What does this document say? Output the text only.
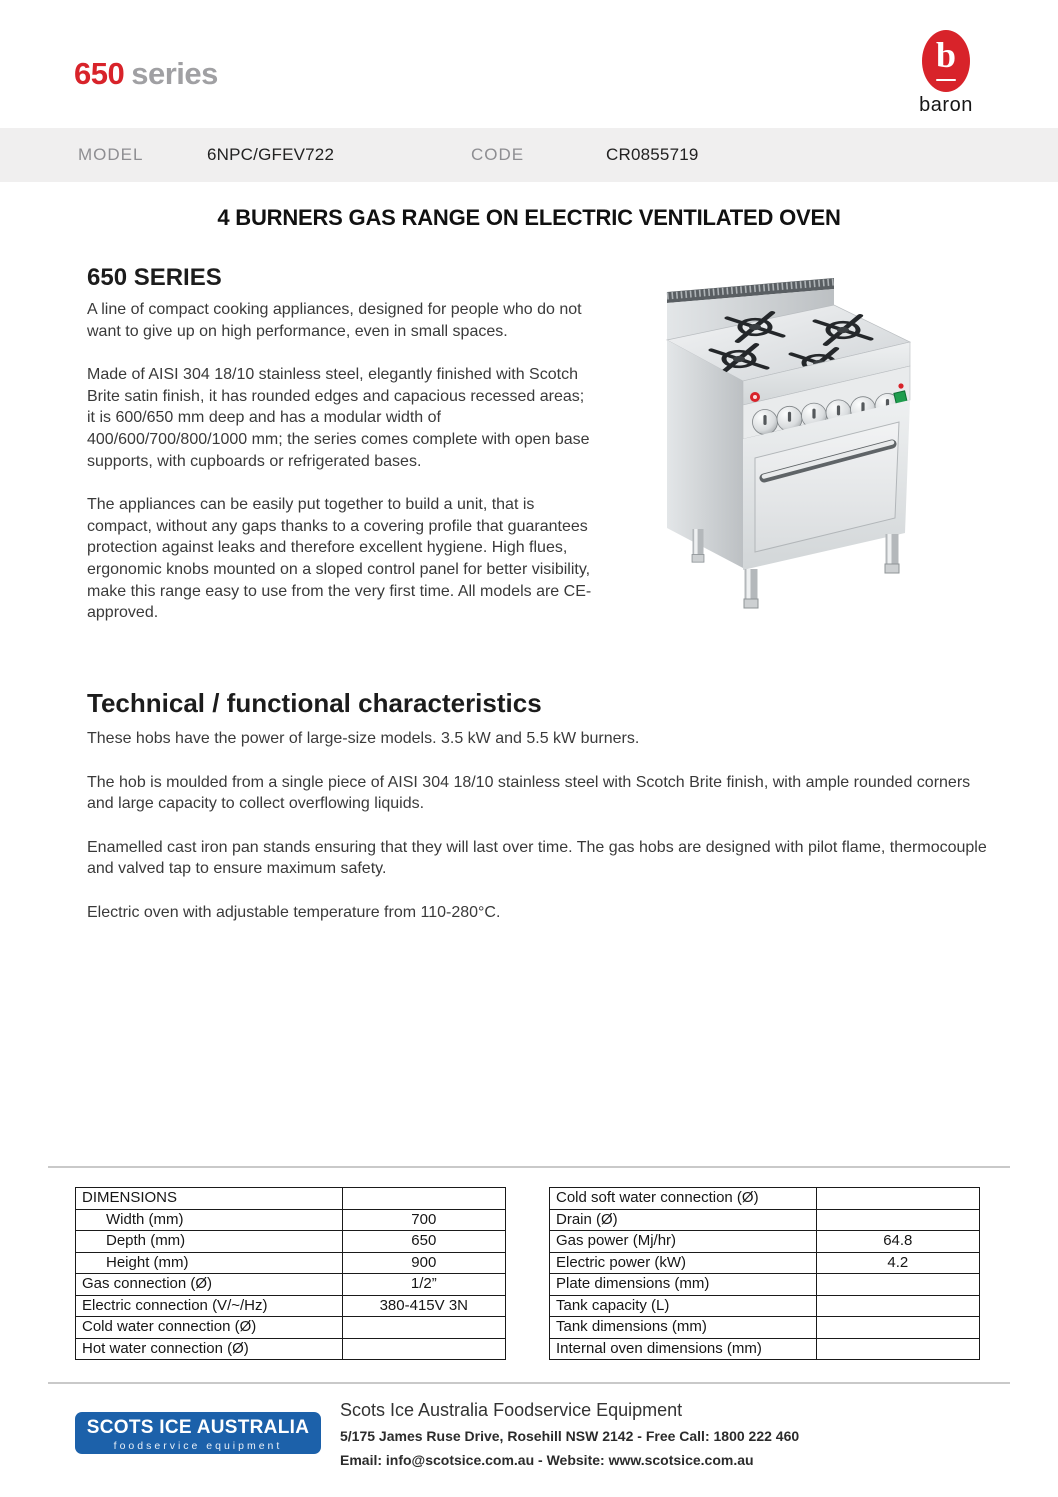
650 series	b
baron
MODEL	6NPC/GFEV722	CODE	CR0855719
4 BURNERS GAS RANGE ON ELECTRIC VENTILATED OVEN
650 SERIES

A line of compact cooking appliances, designed for people who do not want to give up on high performance, even in small spaces.

Made of AISI 304 18/10 stainless steel, elegantly finished with Scotch Brite satin finish, it has rounded edges and capacious recessed areas; it is 600/650 mm deep and has a modular width of 400/600/700/800/1000 mm; the series comes complete with open base supports, with cupboards or refrigerated bases.

The appliances can be easily put together to build a unit, that is compact, without any gaps thanks to a covering profile that guarantees protection against leaks and therefore excellent hygiene. High flues, ergonomic knobs mounted on a sloped control panel for better visibility, make this range easy to use from the very first time. All models are CE-approved.

Technical / functional characteristics

These hobs have the power of large-size models. 3.5 kW and 5.5 kW burners.

The hob is moulded from a single piece of AISI 304 18/10 stainless steel with Scotch Brite finish, with ample rounded corners and large capacity to collect overflowing liquids.

Enamelled cast iron pan stands ensuring that they will last over time. The gas hobs are designed with pilot flame, thermocouple and valved tap to ensure maximum safety.

Electric oven with adjustable temperature from 110-280°C.

DIMENSIONS	
Width (mm)	700
Depth (mm)	650
Height (mm)	900
Gas connection (Ø)	1/2”
Electric connection (V/~/Hz)	380-415V 3N
Cold water connection (Ø)	
Hot water connection (Ø)	
Cold soft water connection (Ø)	
Drain (Ø)	
Gas power (Mj/hr)	64.8
Electric power (kW)	4.2
Plate dimensions (mm)	
Tank capacity (L)	
Tank dimensions (mm)	
Internal oven dimensions (mm)	
SCOTS ICE AUSTRALIA
foodservice equipment
Scots Ice Australia Foodservice Equipment
5/175 James Ruse Drive, Rosehill NSW 2142 - Free Call: 1800 222 460
Email: info@scotsice.com.au - Website: www.scotsice.com.au
